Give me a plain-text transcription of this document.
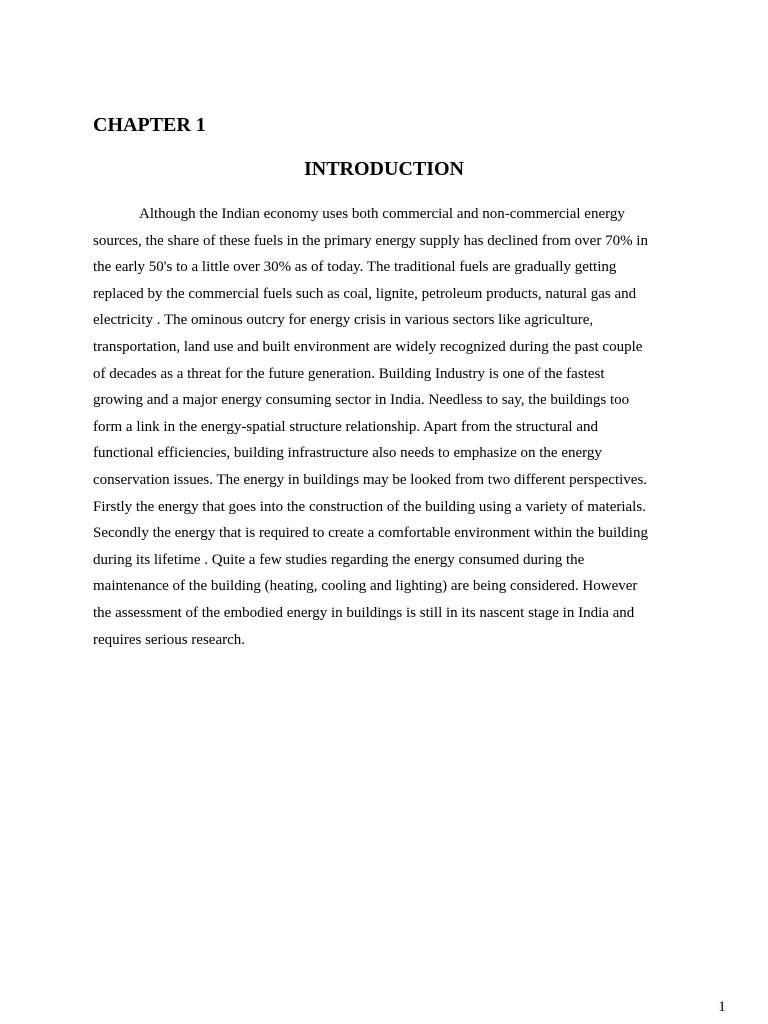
CHAPTER 1
INTRODUCTION
Although the Indian economy uses both commercial and non-commercial energy
sources, the share of these fuels in the primary energy supply has declined from over 70% in
the early 50's to a little over 30% as of today. The traditional fuels are gradually getting
replaced by the commercial fuels such as coal, lignite, petroleum products, natural gas and
electricity . The ominous outcry for energy crisis in various sectors like agriculture,
transportation, land use and built environment are widely recognized during the past couple
of decades as a threat for the future generation. Building Industry is one of the fastest
growing and a major energy consuming sector in India. Needless to say, the buildings too
form a link in the energy-spatial structure relationship. Apart from the structural and
functional efficiencies, building infrastructure also needs to emphasize on the energy
conservation issues. The energy in buildings may be looked from two different perspectives.
Firstly the energy that goes into the construction of the building using a variety of materials.
Secondly the energy that is required to create a comfortable environment within the building
during its lifetime . Quite a few studies regarding the energy consumed during the
maintenance of the building (heating, cooling and lighting) are being considered. However
the assessment of the embodied energy in buildings is still in its nascent stage in India and
requires serious research.
1
